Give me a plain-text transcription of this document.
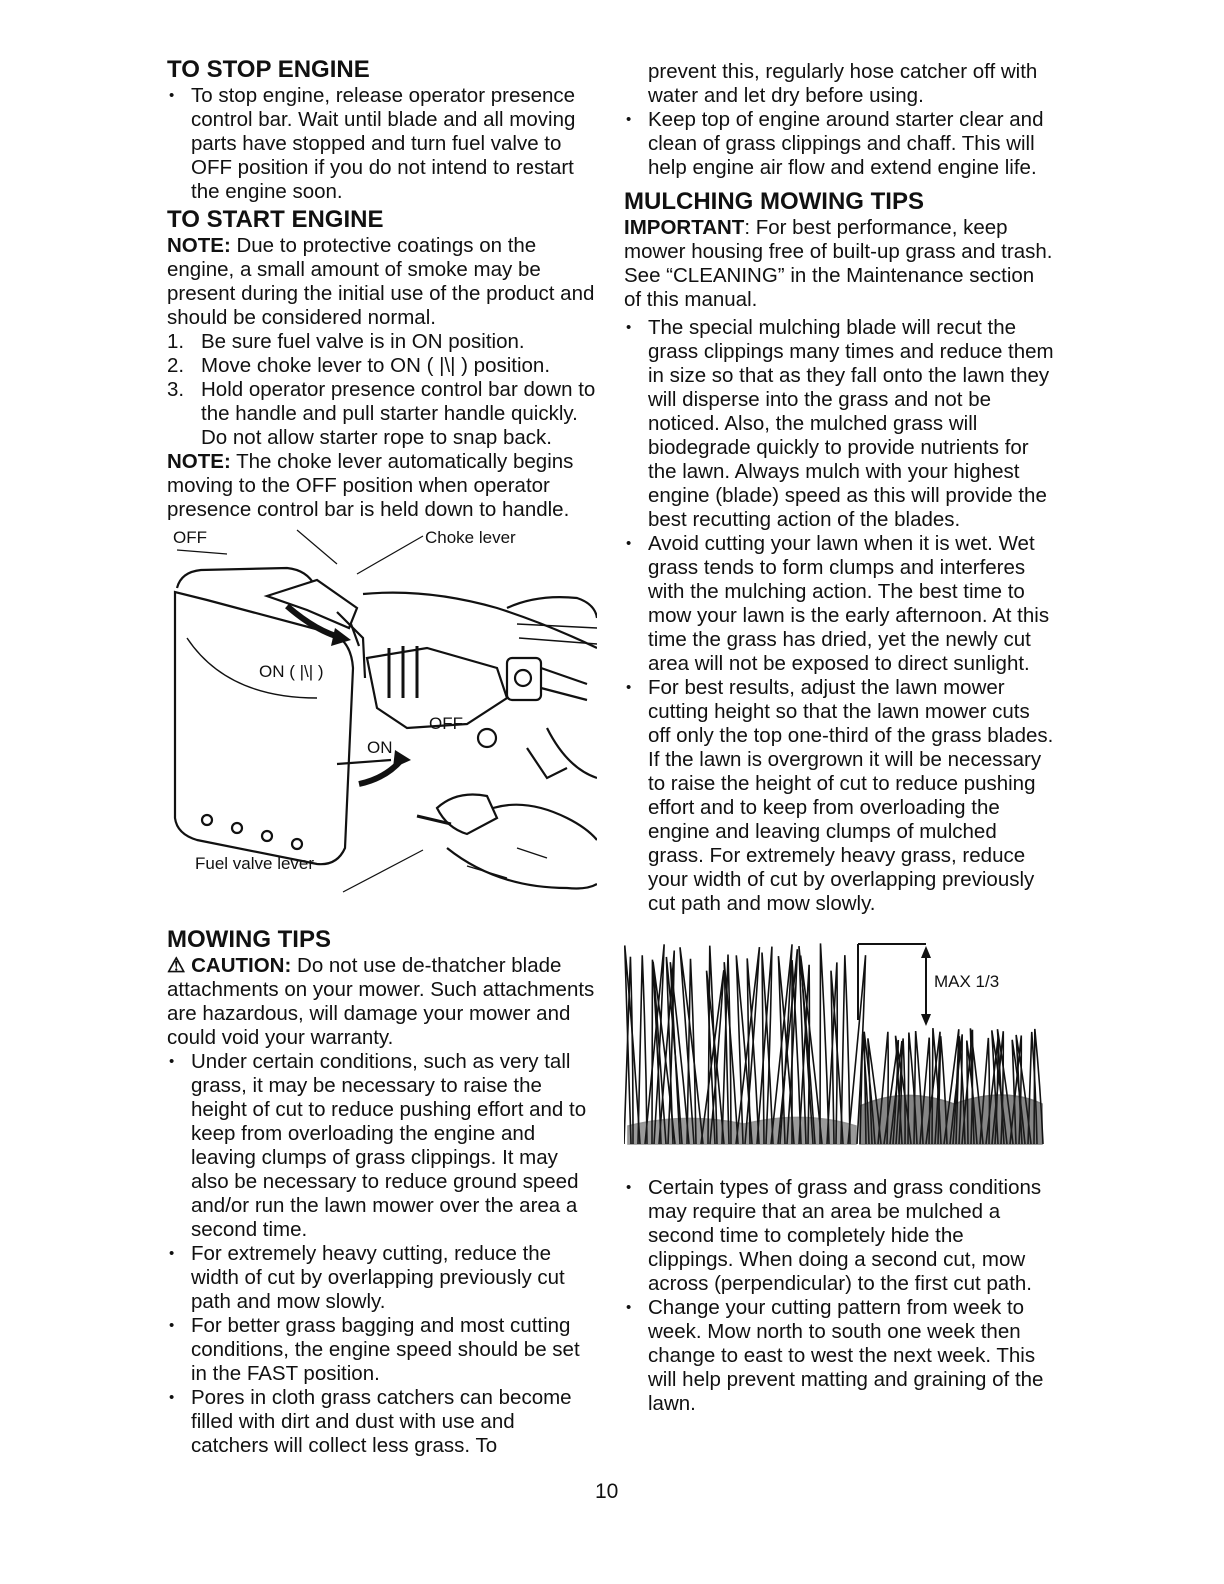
TO STOP ENGINE
• To stop engine, release operator presence control bar. Wait until blade and all moving parts have stopped and turn fuel valve to OFF position if you do not intend to restart the engine soon.
TO START ENGINE

NOTE: Due to protective coatings on the engine, a small amount of smoke may be present during the initial use of the product and should be considered normal.

1. Be sure fuel valve is in ON position.
2. Move choke lever to ON ( |\| ) position.
3. Hold operator presence control bar down to the handle and pull starter handle quickly. Do not allow starter rope to snap back.

NOTE: The choke lever automatically begins moving to the OFF position when operator presence control bar is held down to handle.

OFF	Choke lever
ON ( |\| )
OFF
ON
Fuel valve lever
MOWING TIPS

⚠ CAUTION: Do not use de-thatcher blade attachments on your mower. Such attachments are hazardous, will damage your mower and could void your warranty.

• Under certain conditions, such as very tall grass, it may be necessary to raise the height of cut to reduce pushing effort and to keep from overloading the engine and leaving clumps of grass clippings. It may also be necessary to reduce ground speed and/or run the lawn mower over the area a second time.
• For extremely heavy cutting, reduce the width of cut by overlapping previously cut path and mow slowly.
• For better grass bagging and most cutting conditions, the engine speed should be set in the FAST position.
• Pores in cloth grass catchers can become filled with dirt and dust with use and catchers will collect less grass. To

prevent this, regularly hose catcher off with water and let dry before using.

• Keep top of engine around starter clear and clean of grass clippings and chaff. This will help engine air flow and extend engine life.
MULCHING MOWING TIPS

IMPORTANT: For best performance, keep mower housing free of built-up grass and trash. See “CLEANING” in the Maintenance section of this manual.

• The special mulching blade will recut the grass clippings many times and reduce them in size so that as they fall onto the lawn they will disperse into the grass and not be noticed. Also, the mulched grass will biodegrade quickly to provide nutrients for the lawn. Always mulch with your highest engine (blade) speed as this will provide the best recutting action of the blades.
• Avoid cutting your lawn when it is wet. Wet grass tends to form clumps and interferes with the mulching action. The best time to mow your lawn is the early afternoon. At this time the grass has dried, yet the newly cut area will not be exposed to direct sunlight.
• For best results, adjust the lawn mower cutting height so that the lawn mower cuts off only the top one-third of the grass blades. If the lawn is overgrown it will be necessary to raise the height of cut to reduce pushing effort and to keep from overloading the engine and leaving clumps of mulched grass. For extremely heavy grass, reduce your width of cut by overlapping previously cut path and mow slowly.
MAX 1/3
• Certain types of grass and grass conditions may require that an area be mulched a second time to completely hide the clippings. When doing a second cut, mow across (perpendicular) to the first cut path.
• Change your cutting pattern from week to week. Mow north to south one week then change to east to west the next week. This will help prevent matting and graining of the lawn.
10
